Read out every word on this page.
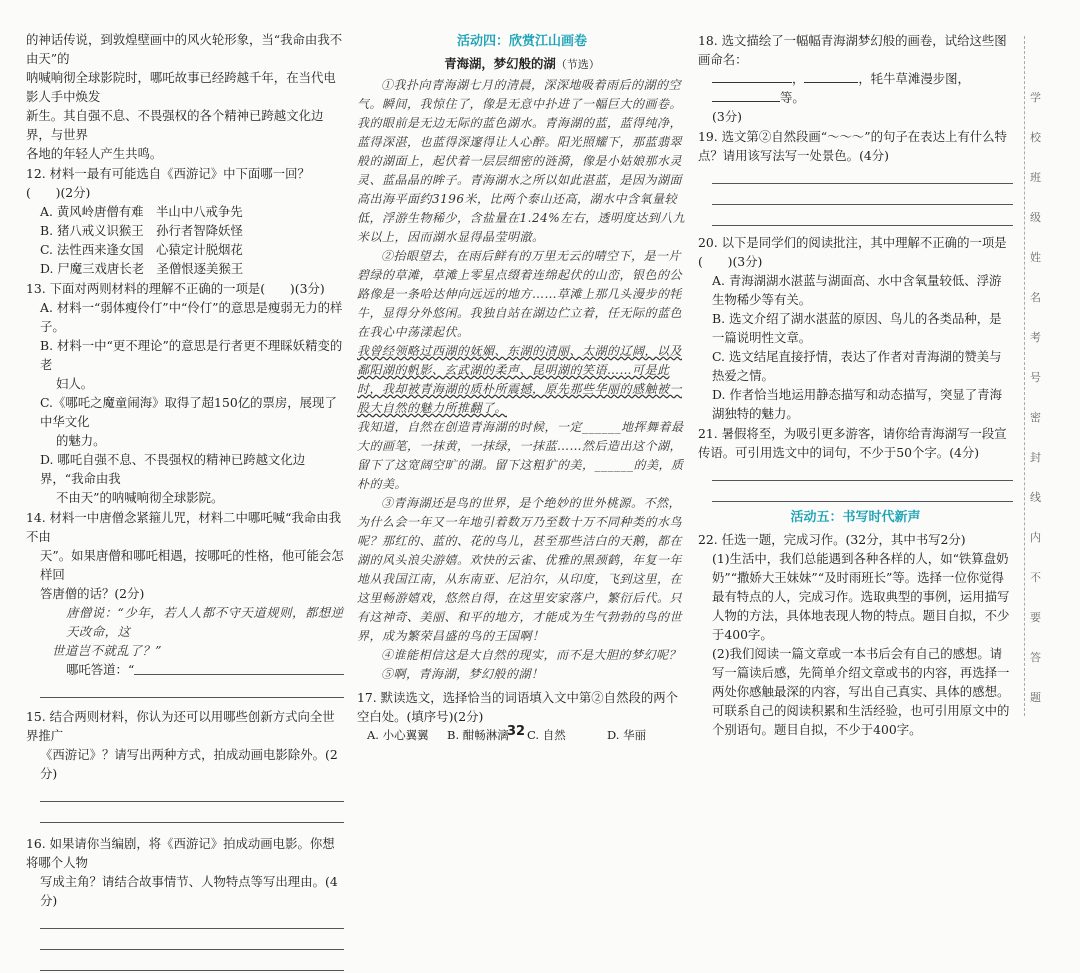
的神话传说，到敦煌壁画中的风火轮形象，当“我命由我不由天”的

呐喊响彻全球影院时，哪吒故事已经跨越千年，在当代电影人手中焕发

新生。其自强不息、不畏强权的各个精神已跨越文化边界，与世界

各地的年轻人产生共鸣。

12. 材料一最有可能选自《西游记》中下面哪一回？(　　)(2分)

A. 黄风岭唐僧有难　半山中八戒争先

B. 猪八戒义识猴王　孙行者智降妖怪

C. 法性西来逢女国　心猿定计脱烟花

D. 尸魔三戏唐长老　圣僧恨逐美猴王

13. 下面对两则材料的理解不正确的一项是(　　)(3分)

A. 材料一“弱体瘦伶仃”中“伶仃”的意思是瘦弱无力的样子。

B. 材料一中“更不理论”的意思是行者更不理睬妖精变的老

妇人。

C.《哪吒之魔童闹海》取得了超150亿的票房，展现了中华文化

的魅力。

D. 哪吒自强不息、不畏强权的精神已跨越文化边界，“我命由我

不由天”的呐喊响彻全球影院。

14. 材料一中唐僧念紧箍儿咒，材料二中哪吒喊“我命由我不由

天”。如果唐僧和哪吒相遇，按哪吒的性格，他可能会怎样回

答唐僧的话？(2分)

唐僧说：“少年，若人人都不守天道规则，都想逆天改命，这

世道岂不就乱了？”

哪吒答道：“

15. 结合两则材料，你认为还可以用哪些创新方式向全世界推广

《西游记》？请写出两种方式，拍成动画电影除外。(2分)

16. 如果请你当编剧，将《西游记》拍成动画电影。你想将哪个人物

写成主角？请结合故事情节、人物特点等写出理由。(4分)

活动四：欣赏江山画卷
青海湖，梦幻般的湖（节选）

①我扑向青海湖七月的清晨，深深地吸着雨后的湖的空气。瞬间，我惊住了，像是无意中扑进了一幅巨大的画卷。我的眼前是无边无际的蓝色湖水。青海湖的蓝，蓝得纯净，蓝得深湛，也蓝得深邃得让人心醉。阳光照耀下，那蓝翡翠般的湖面上，起伏着一层层细密的涟漪，像是小姑娘那水灵灵、蓝晶晶的眸子。青海湖水之所以如此湛蓝，是因为湖面高出海平面约3196米，比两个泰山还高，湖水中含氧量较低，浮游生物稀少，含盐量在1.24%左右，透明度达到八九米以上，因而湖水显得晶莹明澈。

②抬眼望去，在雨后鲜有的万里无云的晴空下，是一片碧绿的草滩，草滩上零星点缀着连绵起伏的山峦，银色的公路像是一条哈达伸向远远的地方……草滩上那几头漫步的牦牛，显得分外悠闲。我独自站在湖边伫立着，任无际的蓝色在我心中荡漾起伏。

我曾经领略过西湖的妩媚、东湖的清丽、太湖的辽阔，以及鄱阳湖的帆影、玄武湖的柔声、昆明湖的笑语……可是此时，我却被青海湖的质朴所震撼，原先那些华丽的感触被一股大自然的魅力所推翻了。

我知道，自然在创造青海湖的时候，一定______地挥舞着最大的画笔，一抹黄，一抹绿，一抹蓝……然后造出这个湖，留下了这宽阔空旷的湖。留下这粗犷的美，______的美，质朴的美。

③青海湖还是鸟的世界，是个绝妙的世外桃源。不然，为什么会一年又一年地引着数万乃至数十万不同种类的水鸟呢？那红的、蓝的、花的鸟儿，甚至那些洁白的天鹅，都在湖的风头浪尖游嬉。欢快的云雀、优雅的黑颈鹤，年复一年地从我国江南，从东南亚、尼泊尔，从印度，飞到这里，在这里畅游嬉戏，悠然自得，在这里安家落户，繁衍后代。只有这神奇、美丽、和平的地方，才能成为生气勃勃的鸟的世界，成为繁荣昌盛的鸟的王国啊！

④谁能相信这是大自然的现实，而不是大胆的梦幻呢？

⑤啊，青海湖，梦幻般的湖！

17. 默读选文，选择恰当的词语填入文中第②自然段的两个空白处。(填序号)(2分)

A. 小心翼翼	B. 酣畅淋漓	C. 自然	D. 华丽

18. 选文描绘了一幅幅青海湖梦幻般的画卷，试给这些图画命名：

，	，牦牛草滩漫步图，等。

(3分)

19. 选文第②自然段画“～～～”的句子在表达上有什么特点？请用该写法写一处景色。(4分)

20. 以下是同学们的阅读批注，其中理解不正确的一项是(　　)(3分)

A. 青海湖湖水湛蓝与湖面高、水中含氧量较低、浮游生物稀少等有关。

B. 选文介绍了湖水湛蓝的原因、鸟儿的各类品种，是一篇说明性文章。

C. 选文结尾直接抒情，表达了作者对青海湖的赞美与热爱之情。

D. 作者恰当地运用静态描写和动态描写，突显了青海湖独特的魅力。

21. 暑假将至，为吸引更多游客，请你给青海湖写一段宣传语。可引用选文中的词句，不少于50个字。(4分)

活动五：书写时代新声

22. 任选一题，完成习作。(32分，其中书写2分)

(1)生活中，我们总能遇到各种各样的人，如“铁算盘奶奶”“撒娇大王妹妹”“及时雨班长”等。选择一位你觉得最有特点的人，完成习作。选取典型的事例，运用描写人物的方法，具体地表现人物的特点。题目自拟，不少于400字。

(2)我们阅读一篇文章或一本书后会有自己的感想。请写一篇读后感，先简单介绍文章或书的内容，再选择一两处你感触最深的内容，写出自己真实、具体的感想。可联系自己的阅读积累和生活经验，也可引用原文中的个别语句。题目自拟，不少于400字。

学
校
班
级
姓
名
考
号
密
封
线
内
不
要
答
题
32
